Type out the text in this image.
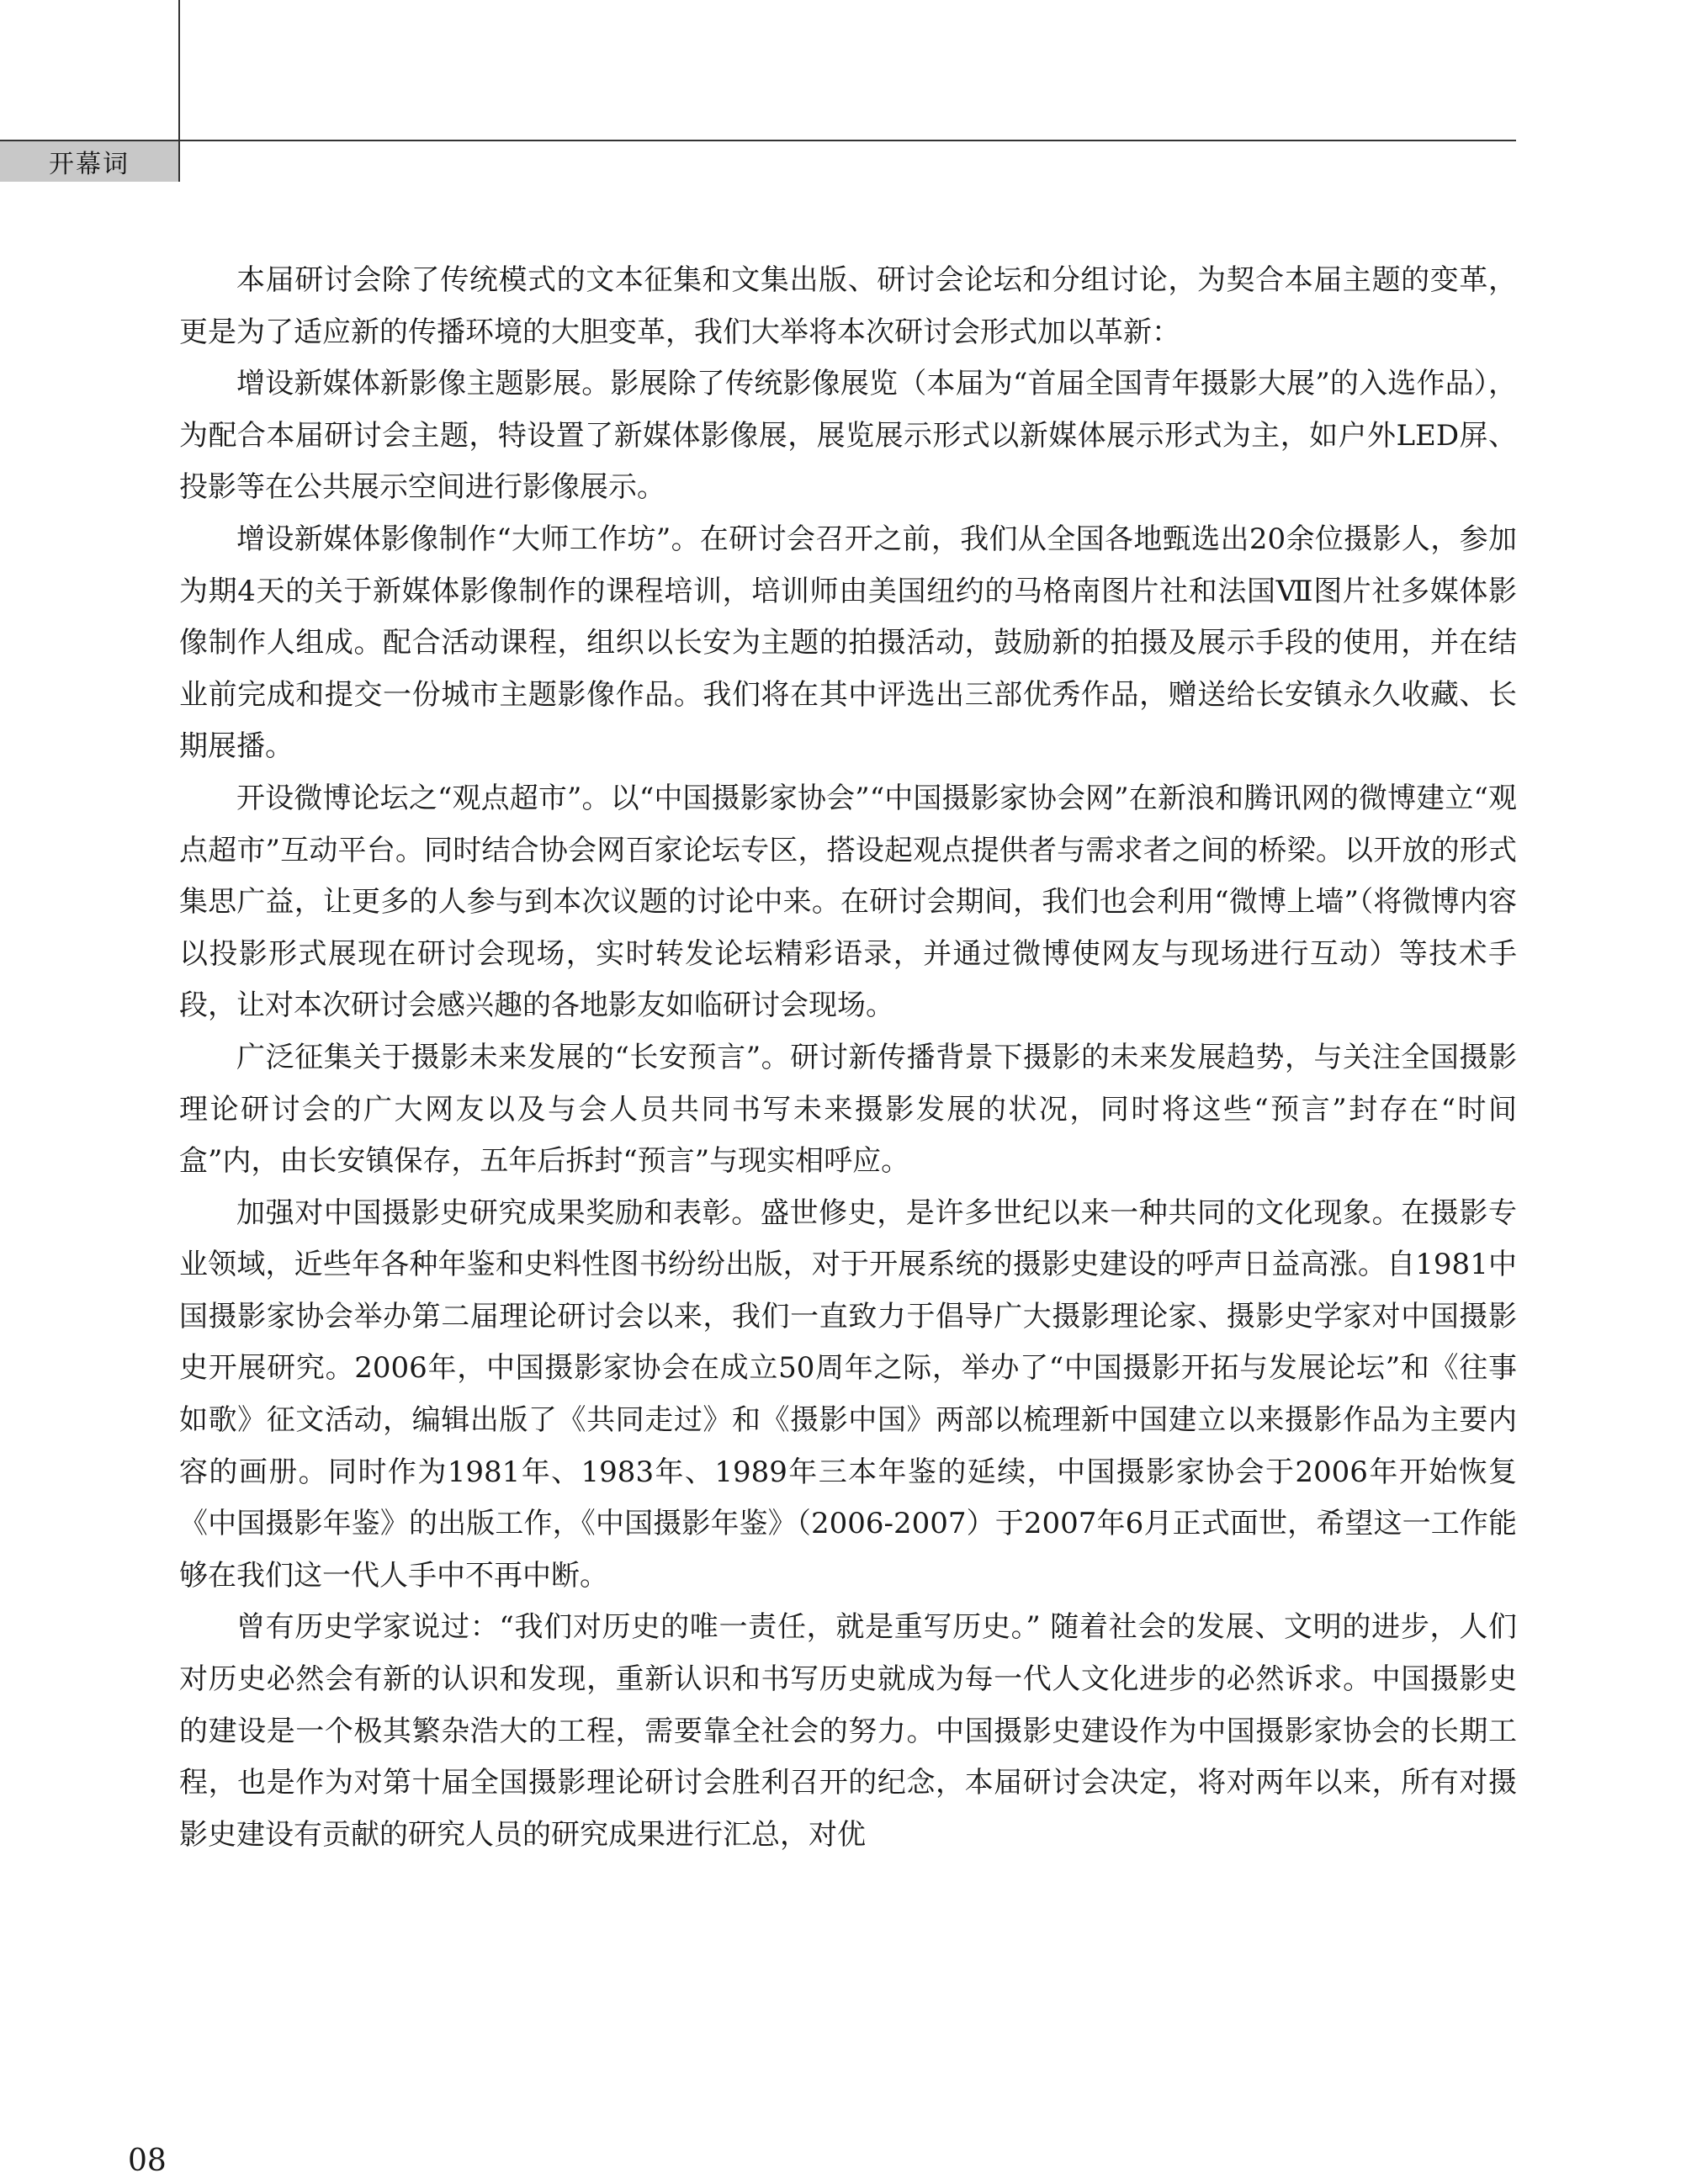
开幕词

本届研讨会除了传统模式的文本征集和文集出版、研讨会论坛和分组讨论，为契合本届主题的变革，更是为了适应新的传播环境的大胆变革，我们大举将本次研讨会形式加以革新：

增设新媒体新影像主题影展。影展除了传统影像展览（本届为“首届全国青年摄影大展”的入选作品），为配合本届研讨会主题，特设置了新媒体影像展，展览展示形式以新媒体展示形式为主，如户外LED屏、投影等在公共展示空间进行影像展示。

增设新媒体影像制作“大师工作坊”。在研讨会召开之前，我们从全国各地甄选出20余位摄影人，参加为期4天的关于新媒体影像制作的课程培训，培训师由美国纽约的马格南图片社和法国Ⅶ图片社多媒体影像制作人组成。配合活动课程，组织以长安为主题的拍摄活动，鼓励新的拍摄及展示手段的使用，并在结业前完成和提交一份城市主题影像作品。我们将在其中评选出三部优秀作品，赠送给长安镇永久收藏、长期展播。

开设微博论坛之“观点超市”。以“中国摄影家协会”“中国摄影家协会网”在新浪和腾讯网的微博建立“观点超市”互动平台。同时结合协会网百家论坛专区，搭设起观点提供者与需求者之间的桥梁。以开放的形式集思广益，让更多的人参与到本次议题的讨论中来。在研讨会期间，我们也会利用“微博上墙”（将微博内容以投影形式展现在研讨会现场，实时转发论坛精彩语录，并通过微博使网友与现场进行互动）等技术手段，让对本次研讨会感兴趣的各地影友如临研讨会现场。

广泛征集关于摄影未来发展的“长安预言”。研讨新传播背景下摄影的未来发展趋势，与关注全国摄影理论研讨会的广大网友以及与会人员共同书写未来摄影发展的状况，同时将这些“预言”封存在“时间盒”内，由长安镇保存，五年后拆封“预言”与现实相呼应。

加强对中国摄影史研究成果奖励和表彰。盛世修史，是许多世纪以来一种共同的文化现象。在摄影专业领域，近些年各种年鉴和史料性图书纷纷出版，对于开展系统的摄影史建设的呼声日益高涨。自1981中国摄影家协会举办第二届理论研讨会以来，我们一直致力于倡导广大摄影理论家、摄影史学家对中国摄影史开展研究。2006年，中国摄影家协会在成立50周年之际，举办了“中国摄影开拓与发展论坛”和《往事如歌》征文活动，编辑出版了《共同走过》和《摄影中国》两部以梳理新中国建立以来摄影作品为主要内容的画册。同时作为1981年、1983年、1989年三本年鉴的延续，中国摄影家协会于2006年开始恢复《中国摄影年鉴》的出版工作，《中国摄影年鉴》（2006-2007）于2007年6月正式面世，希望这一工作能够在我们这一代人手中不再中断。

曾有历史学家说过：“我们对历史的唯一责任，就是重写历史。” 随着社会的发展、文明的进步，人们对历史必然会有新的认识和发现，重新认识和书写历史就成为每一代人文化进步的必然诉求。中国摄影史的建设是一个极其繁杂浩大的工程，需要靠全社会的努力。中国摄影史建设作为中国摄影家协会的长期工程，也是作为对第十届全国摄影理论研讨会胜利召开的纪念，本届研讨会决定，将对两年以来，所有对摄影史建设有贡献的研究人员的研究成果进行汇总，对优

08
